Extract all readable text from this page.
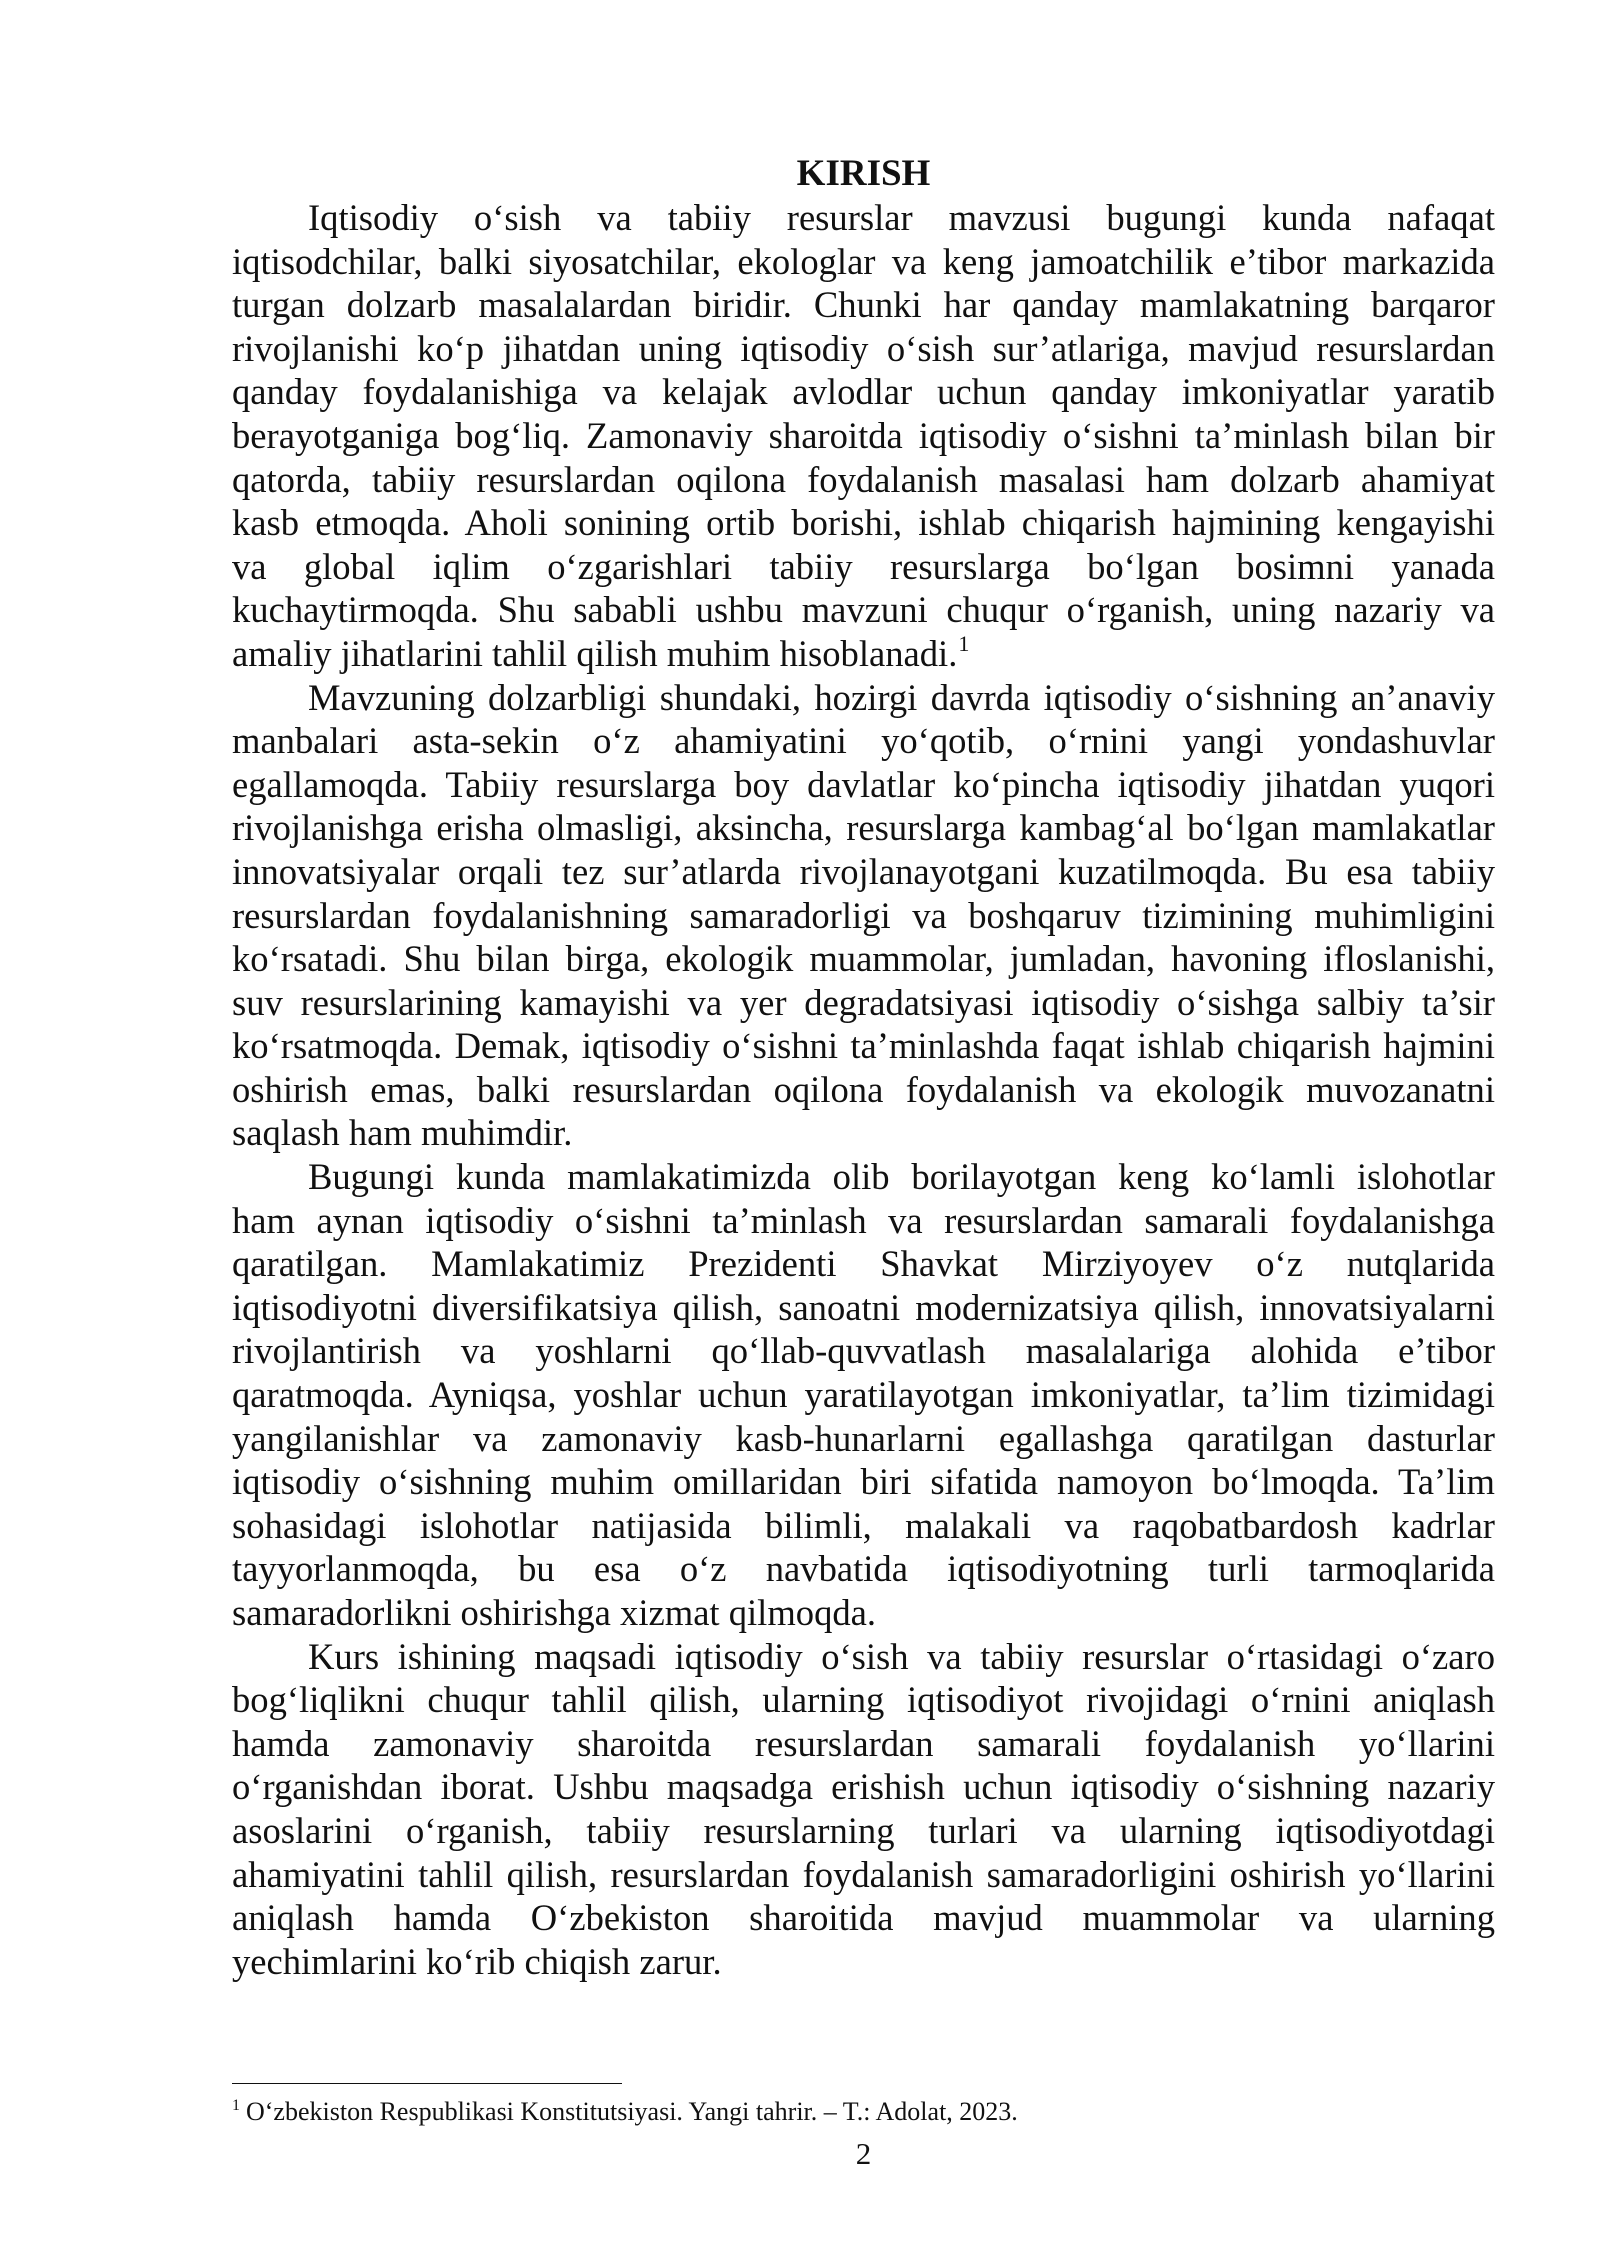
KIRISH
Iqtisodiy o‘sish va tabiiy resurslar mavzusi bugungi kunda nafaqat
iqtisodchilar, balki siyosatchilar, ekologlar va keng jamoatchilik e’tibor markazida
turgan dolzarb masalalardan biridir. Chunki har qanday mamlakatning barqaror
rivojlanishi ko‘p jihatdan uning iqtisodiy o‘sish sur’atlariga, mavjud resurslardan
qanday foydalanishiga va kelajak avlodlar uchun qanday imkoniyatlar yaratib
berayotganiga bog‘liq. Zamonaviy sharoitda iqtisodiy o‘sishni ta’minlash bilan bir
qatorda, tabiiy resurslardan oqilona foydalanish masalasi ham dolzarb ahamiyat
kasb etmoqda. Aholi sonining ortib borishi, ishlab chiqarish hajmining kengayishi
va global iqlim o‘zgarishlari tabiiy resurslarga bo‘lgan bosimni yanada
kuchaytirmoqda. Shu sababli ushbu mavzuni chuqur o‘rganish, uning nazariy va
amaliy jihatlarini tahlil qilish muhim hisoblanadi.$^1$
Mavzuning dolzarbligi shundaki, hozirgi davrda iqtisodiy o‘sishning an’anaviy
manbalari asta-sekin o‘z ahamiyatini yo‘qotib, o‘rnini yangi yondashuvlar
egallamoqda. Tabiiy resurslarga boy davlatlar ko‘pincha iqtisodiy jihatdan yuqori
rivojlanishga erisha olmasligi, aksincha, resurslarga kambag‘al bo‘lgan mamlakatlar
innovatsiyalar orqali tez sur’atlarda rivojlanayotgani kuzatilmoqda. Bu esa tabiiy
resurslardan foydalanishning samaradorligi va boshqaruv tizimining muhimligini
ko‘rsatadi. Shu bilan birga, ekologik muammolar, jumladan, havoning ifloslanishi,
suv resurslarining kamayishi va yer degradatsiyasi iqtisodiy o‘sishga salbiy ta’sir
ko‘rsatmoqda. Demak, iqtisodiy o‘sishni ta’minlashda faqat ishlab chiqarish hajmini
oshirish emas, balki resurslardan oqilona foydalanish va ekologik muvozanatni
saqlash ham muhimdir.
Bugungi kunda mamlakatimizda olib borilayotgan keng ko‘lamli islohotlar
ham aynan iqtisodiy o‘sishni ta’minlash va resurslardan samarali foydalanishga
qaratilgan. Mamlakatimiz Prezidenti Shavkat Mirziyoyev o‘z nutqlarida
iqtisodiyotni diversifikatsiya qilish, sanoatni modernizatsiya qilish, innovatsiyalarni
rivojlantirish va yoshlarni qo‘llab-quvvatlash masalalariga alohida e’tibor
qaratmoqda. Ayniqsa, yoshlar uchun yaratilayotgan imkoniyatlar, ta’lim tizimidagi
yangilanishlar va zamonaviy kasb-hunarlarni egallashga qaratilgan dasturlar
iqtisodiy o‘sishning muhim omillaridan biri sifatida namoyon bo‘lmoqda. Ta’lim
sohasidagi islohotlar natijasida bilimli, malakali va raqobatbardosh kadrlar
tayyorlanmoqda, bu esa o‘z navbatida iqtisodiyotning turli tarmoqlarida
samaradorlikni oshirishga xizmat qilmoqda.
Kurs ishining maqsadi iqtisodiy o‘sish va tabiiy resurslar o‘rtasidagi o‘zaro
bog‘liqlikni chuqur tahlil qilish, ularning iqtisodiyot rivojidagi o‘rnini aniqlash
hamda zamonaviy sharoitda resurslardan samarali foydalanish yo‘llarini
o‘rganishdan iborat. Ushbu maqsadga erishish uchun iqtisodiy o‘sishning nazariy
asoslarini o‘rganish, tabiiy resurslarning turlari va ularning iqtisodiyotdagi
ahamiyatini tahlil qilish, resurslardan foydalanish samaradorligini oshirish yo‘llarini
aniqlash hamda O‘zbekiston sharoitida mavjud muammolar va ularning
yechimlarini ko‘rib chiqish zarur.
$^1$ O‘zbekiston Respublikasi Konstitutsiyasi. Yangi tahrir. – T.: Adolat, 2023.
2
